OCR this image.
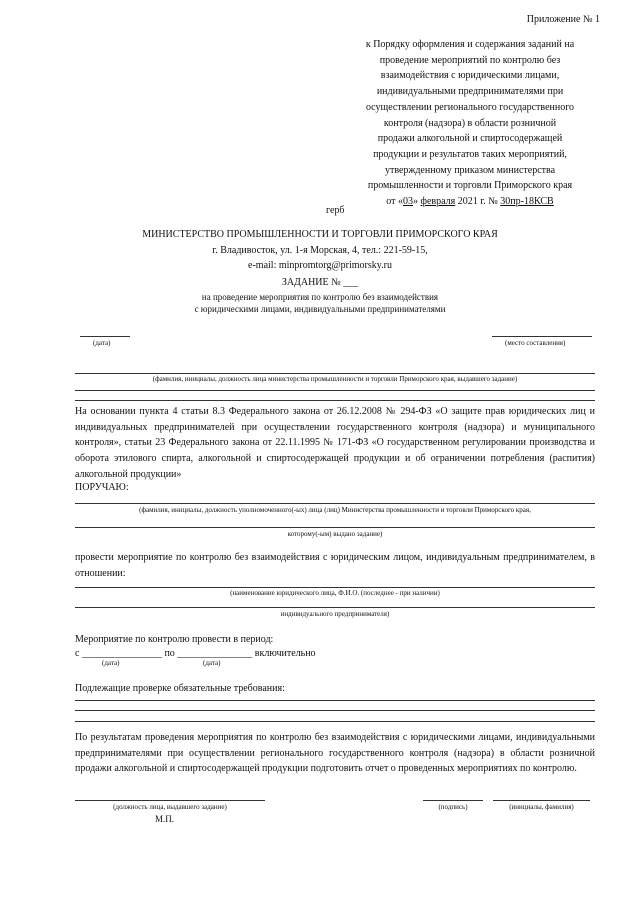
Приложение № 1
к Порядку оформления и содержания заданий на
проведение мероприятий по контролю без
взаимодействия с юридическими лицами,
индивидуальными предпринимателями при
осуществлении регионального государственного
контроля (надзора) в области розничной
продажи алкогольной и спиртосодержащей
продукции и результатов таких мероприятий,
утвержденному приказом министерства
промышленности и торговли Приморского края
от «03» февраля 2021 г. № 30пр-18КСВ
герб
МИНИСТЕРСТВО ПРОМЫШЛЕННОСТИ И ТОРГОВЛИ ПРИМОРСКОГО КРАЯ
г. Владивосток, ул. 1-я Морская, 4, тел.: 221-59-15,
e-mail: minpromtorg@primorsky.ru
ЗАДАНИЕ № ___
на проведение мероприятия по контролю без взаимодействия
с юридическими лицами, индивидуальными предпринимателями
(дата)	(место составления)
(фамилия, инициалы, должность лица министерства промышленности и торговли Приморского края, выдавшего задание)
На основании пункта 4 статьи 8.3 Федерального закона от 26.12.2008 № 294-ФЗ «О защите прав юридических лиц и индивидуальных предпринимателей при осуществлении государственного контроля (надзора) и муниципального контроля», статьи 23 Федерального закона от 22.11.1995 № 171-ФЗ «О государственном регулировании производства и оборота этилового спирта, алкогольной и спиртосодержащей продукции и об ограничении потребления (распития) алкогольной продукции»
ПОРУЧАЮ:
(фамилия, инициалы, должность уполномоченного(-ых) лица (лиц) Министерства промышленности и торговли Приморского края,
которому(-ым) выдано задание)
провести мероприятие по контролю без взаимодействия с юридическим лицом, индивидуальным предпринимателем, в отношении:
(наименование юридического лица, Ф.И.О. (последнее - при наличии)
индивидуального предпринимателя)
Мероприятие по контролю провести в период:
с ________________ по _______________ включительно
(дата)	(дата)
Подлежащие проверке обязательные требования:
По результатам проведения мероприятия по контролю без взаимодействия с юридическими лицами, индивидуальными предпринимателями при осуществлении регионального государственного контроля (надзора) в области розничной продажи алкогольной и спиртосодержащей продукции подготовить отчет о проведенных мероприятиях по контролю.
(должность лица, выдавшего задание)	(подпись)	(инициалы, фамилия)
М.П.
